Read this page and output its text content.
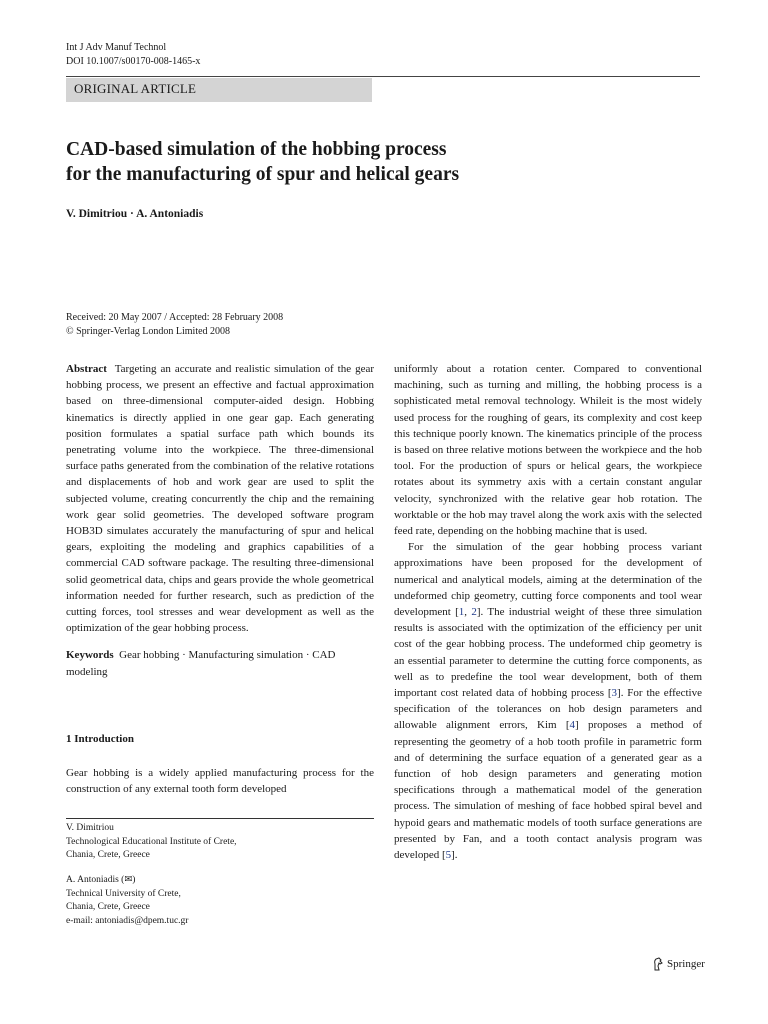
Int J Adv Manuf Technol
DOI 10.1007/s00170-008-1465-x
ORIGINAL ARTICLE
CAD-based simulation of the hobbing process
for the manufacturing of spur and helical gears
V. Dimitriou · A. Antoniadis
Received: 20 May 2007 / Accepted: 28 February 2008
© Springer-Verlag London Limited 2008

Abstract Targeting an accurate and realistic simulation of the gear hobbing process, we present an effective and factual approximation based on three-dimensional computer-aided design. Hobbing kinematics is directly applied in one gear gap. Each generating position formulates a spatial surface path which bounds its penetrating volume into the workpiece. The three-dimensional surface paths generated from the combination of the relative rotations and displacements of hob and work gear are used to split the subjected volume, creating concurrently the chip and the remaining work gear solid geometries. The developed software program HOB3D simulates accurately the manufacturing of spur and helical gears, exploiting the modeling and graphics capabilities of a commercial CAD software package. The resulting three-dimensional solid geometrical data, chips and gears provide the whole geometrical information needed for further research, such as prediction of the cutting forces, tool stresses and wear development as well as the optimization of the gear hobbing process.

Keywords Gear hobbing · Manufacturing simulation · CAD modeling

1 Introduction

Gear hobbing is a widely applied manufacturing process for the construction of any external tooth form developed

V. Dimitriou
Technological Educational Institute of Crete,
Chania, Crete, Greece
A. Antoniadis (✉)
Technical University of Crete,
Chania, Crete, Greece
e-mail: antoniadis@dpem.tuc.gr

uniformly about a rotation center. Compared to conventional machining, such as turning and milling, the hobbing process is a sophisticated metal removal technology. Whileit is the most widely used process for the roughing of gears, its complexity and cost keep this technique poorly known. The kinematics principle of the process is based on three relative motions between the workpiece and the hob tool. For the production of spurs or helical gears, the workpiece rotates about its symmetry axis with a certain constant angular velocity, synchronized with the relative gear hob rotation. The worktable or the hob may travel along the work axis with the selected feed rate, depending on the hobbing machine that is used.

For the simulation of the gear hobbing process variant approximations have been proposed for the development of numerical and analytical models, aiming at the determination of the undeformed chip geometry, cutting force components and tool wear development [1, 2]. The industrial weight of these three simulation results is associated with the optimization of the efficiency per unit cost of the gear hobbing process. The undeformed chip geometry is an essential parameter to determine the cutting force components, as well as to predefine the tool wear development, both of them important cost related data of hobbing process [3]. For the effective specification of the tolerances on hob design parameters and allowable alignment errors, Kim [4] proposes a method of representing the geometry of a hob tooth profile in parametric form and of determining the surface equation of a generated gear as a function of hob design parameters and generating motion specifications through a mathematical model of the generation process. The simulation of meshing of face hobbed spiral bevel and hypoid gears and mathematic models of tooth surface generations are presented by Fan, and a tooth contact analysis program was developed [5].

Springer
